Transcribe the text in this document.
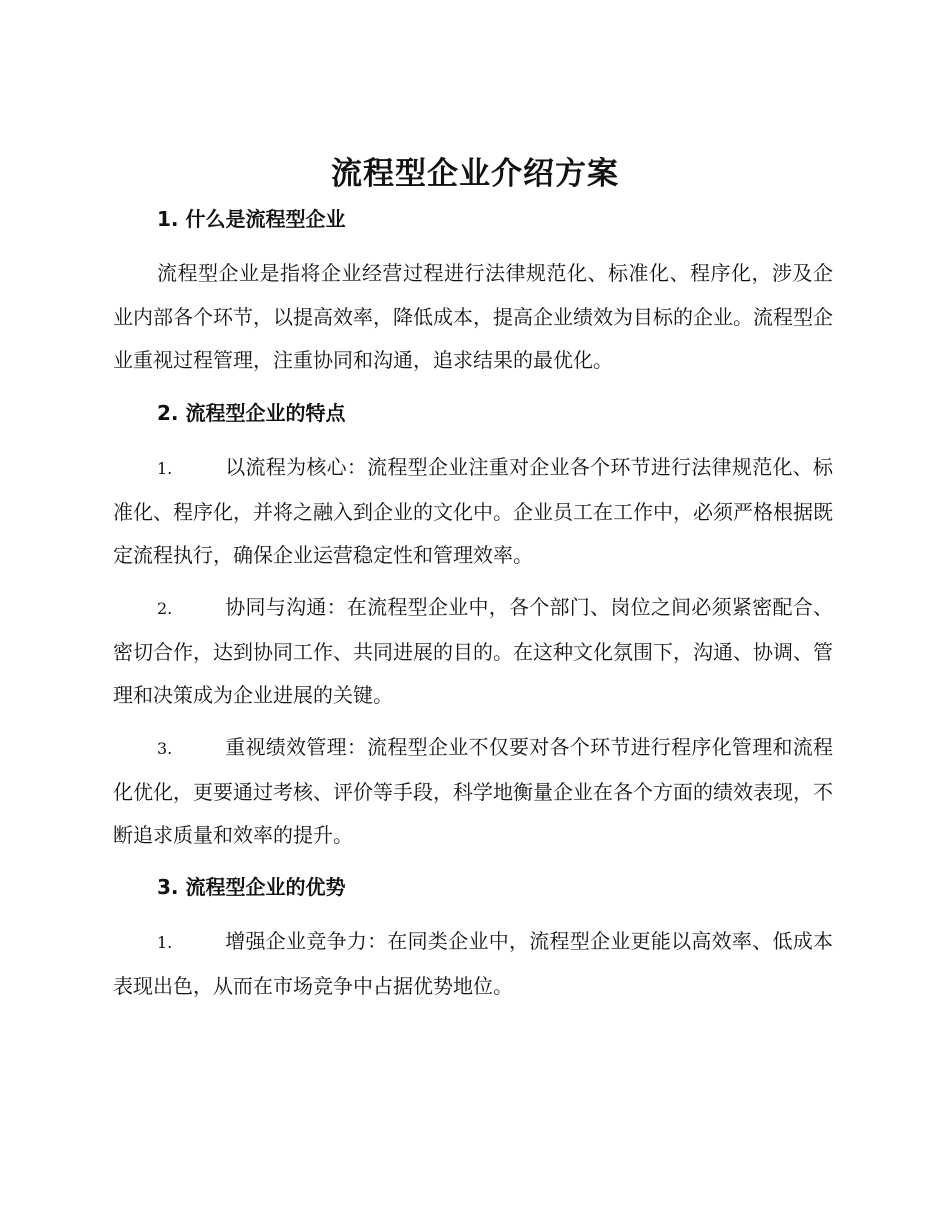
流程型企业介绍方案
1. 什么是流程型企业

流程型企业是指将企业经营过程进行法律规范化、标准化、程序化，涉及企业内部各个环节，以提高效率，降低成本，提高企业绩效为目标的企业。流程型企业重视过程管理，注重协同和沟通，追求结果的最优化。

2. 流程型企业的特点

1.	以流程为核心：流程型企业注重对企业各个环节进行法律规范化、标准化、程序化，并将之融入到企业的文化中。企业员工在工作中，必须严格根据既定流程执行，确保企业运营稳定性和管理效率。

2.	协同与沟通：在流程型企业中，各个部门、岗位之间必须紧密配合、密切合作，达到协同工作、共同进展的目的。在这种文化氛围下，沟通、协调、管理和决策成为企业进展的关键。

3.	重视绩效管理：流程型企业不仅要对各个环节进行程序化管理和流程化优化，更要通过考核、评价等手段，科学地衡量企业在各个方面的绩效表现，不断追求质量和效率的提升。

3. 流程型企业的优势

1.	增强企业竞争力：在同类企业中，流程型企业更能以高效率、低成本表现出色，从而在市场竞争中占据优势地位。
